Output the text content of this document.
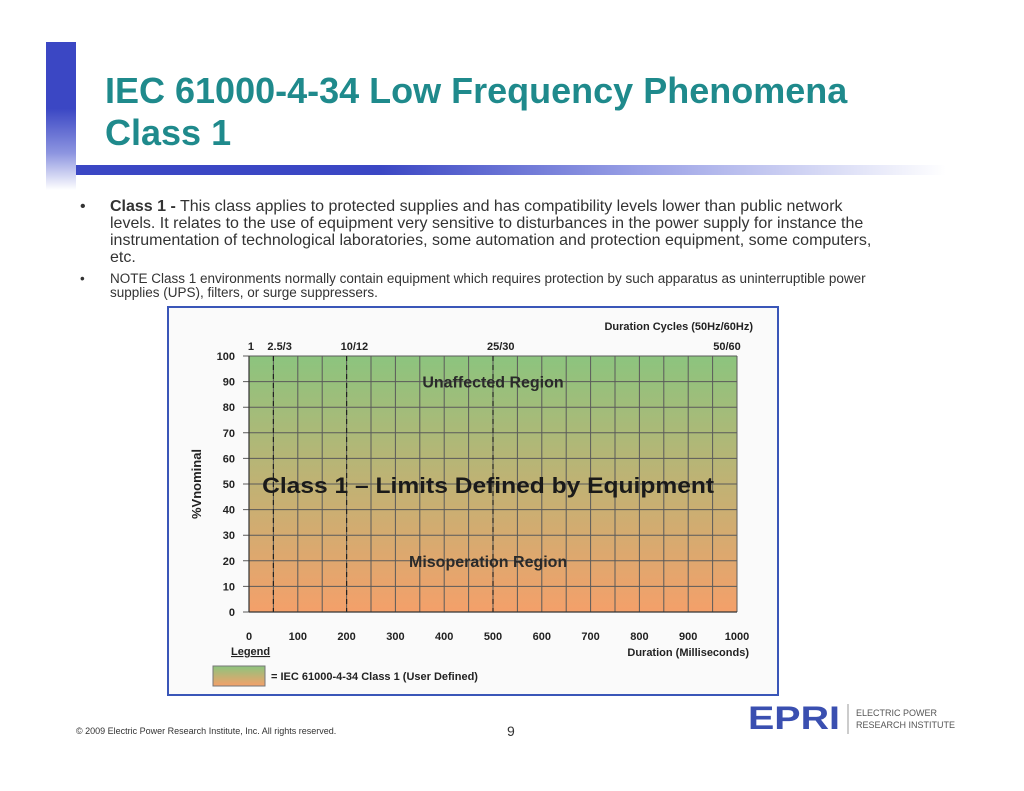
IEC 61000-4-34 Low Frequency Phenomena
Class 1
• Class 1 - This class applies to protected supplies and has compatibility levels lower than public network levels. It relates to the use of equipment very sensitive to disturbances in the power supply for instance the instrumentation of technological laboratories, some automation and protection equipment, some computers, etc.
• NOTE Class 1 environments normally contain equipment which requires protection by such apparatus as uninterruptible power supplies (UPS), filters, or surge suppressers.
0
10
20
30
40
50
60
70
80
90
100
0	100	200	300	400	500	600	700	800	900 1000
1 2.5/3	10/12	25/30	50/60
Duration Cycles (50Hz/60Hz)
%Vnominal
Duration (Milliseconds)
Unaffected Region
Misoperation Region
Class 1 – Limits Defined by Equipment
Legend
= IEC 61000-4-34 Class 1 (User Defined)
© 2009 Electric Power Research Institute, Inc. All rights reserved.	9	EPRI ELECTRIC POWER
RESEARCH INSTITUTE
